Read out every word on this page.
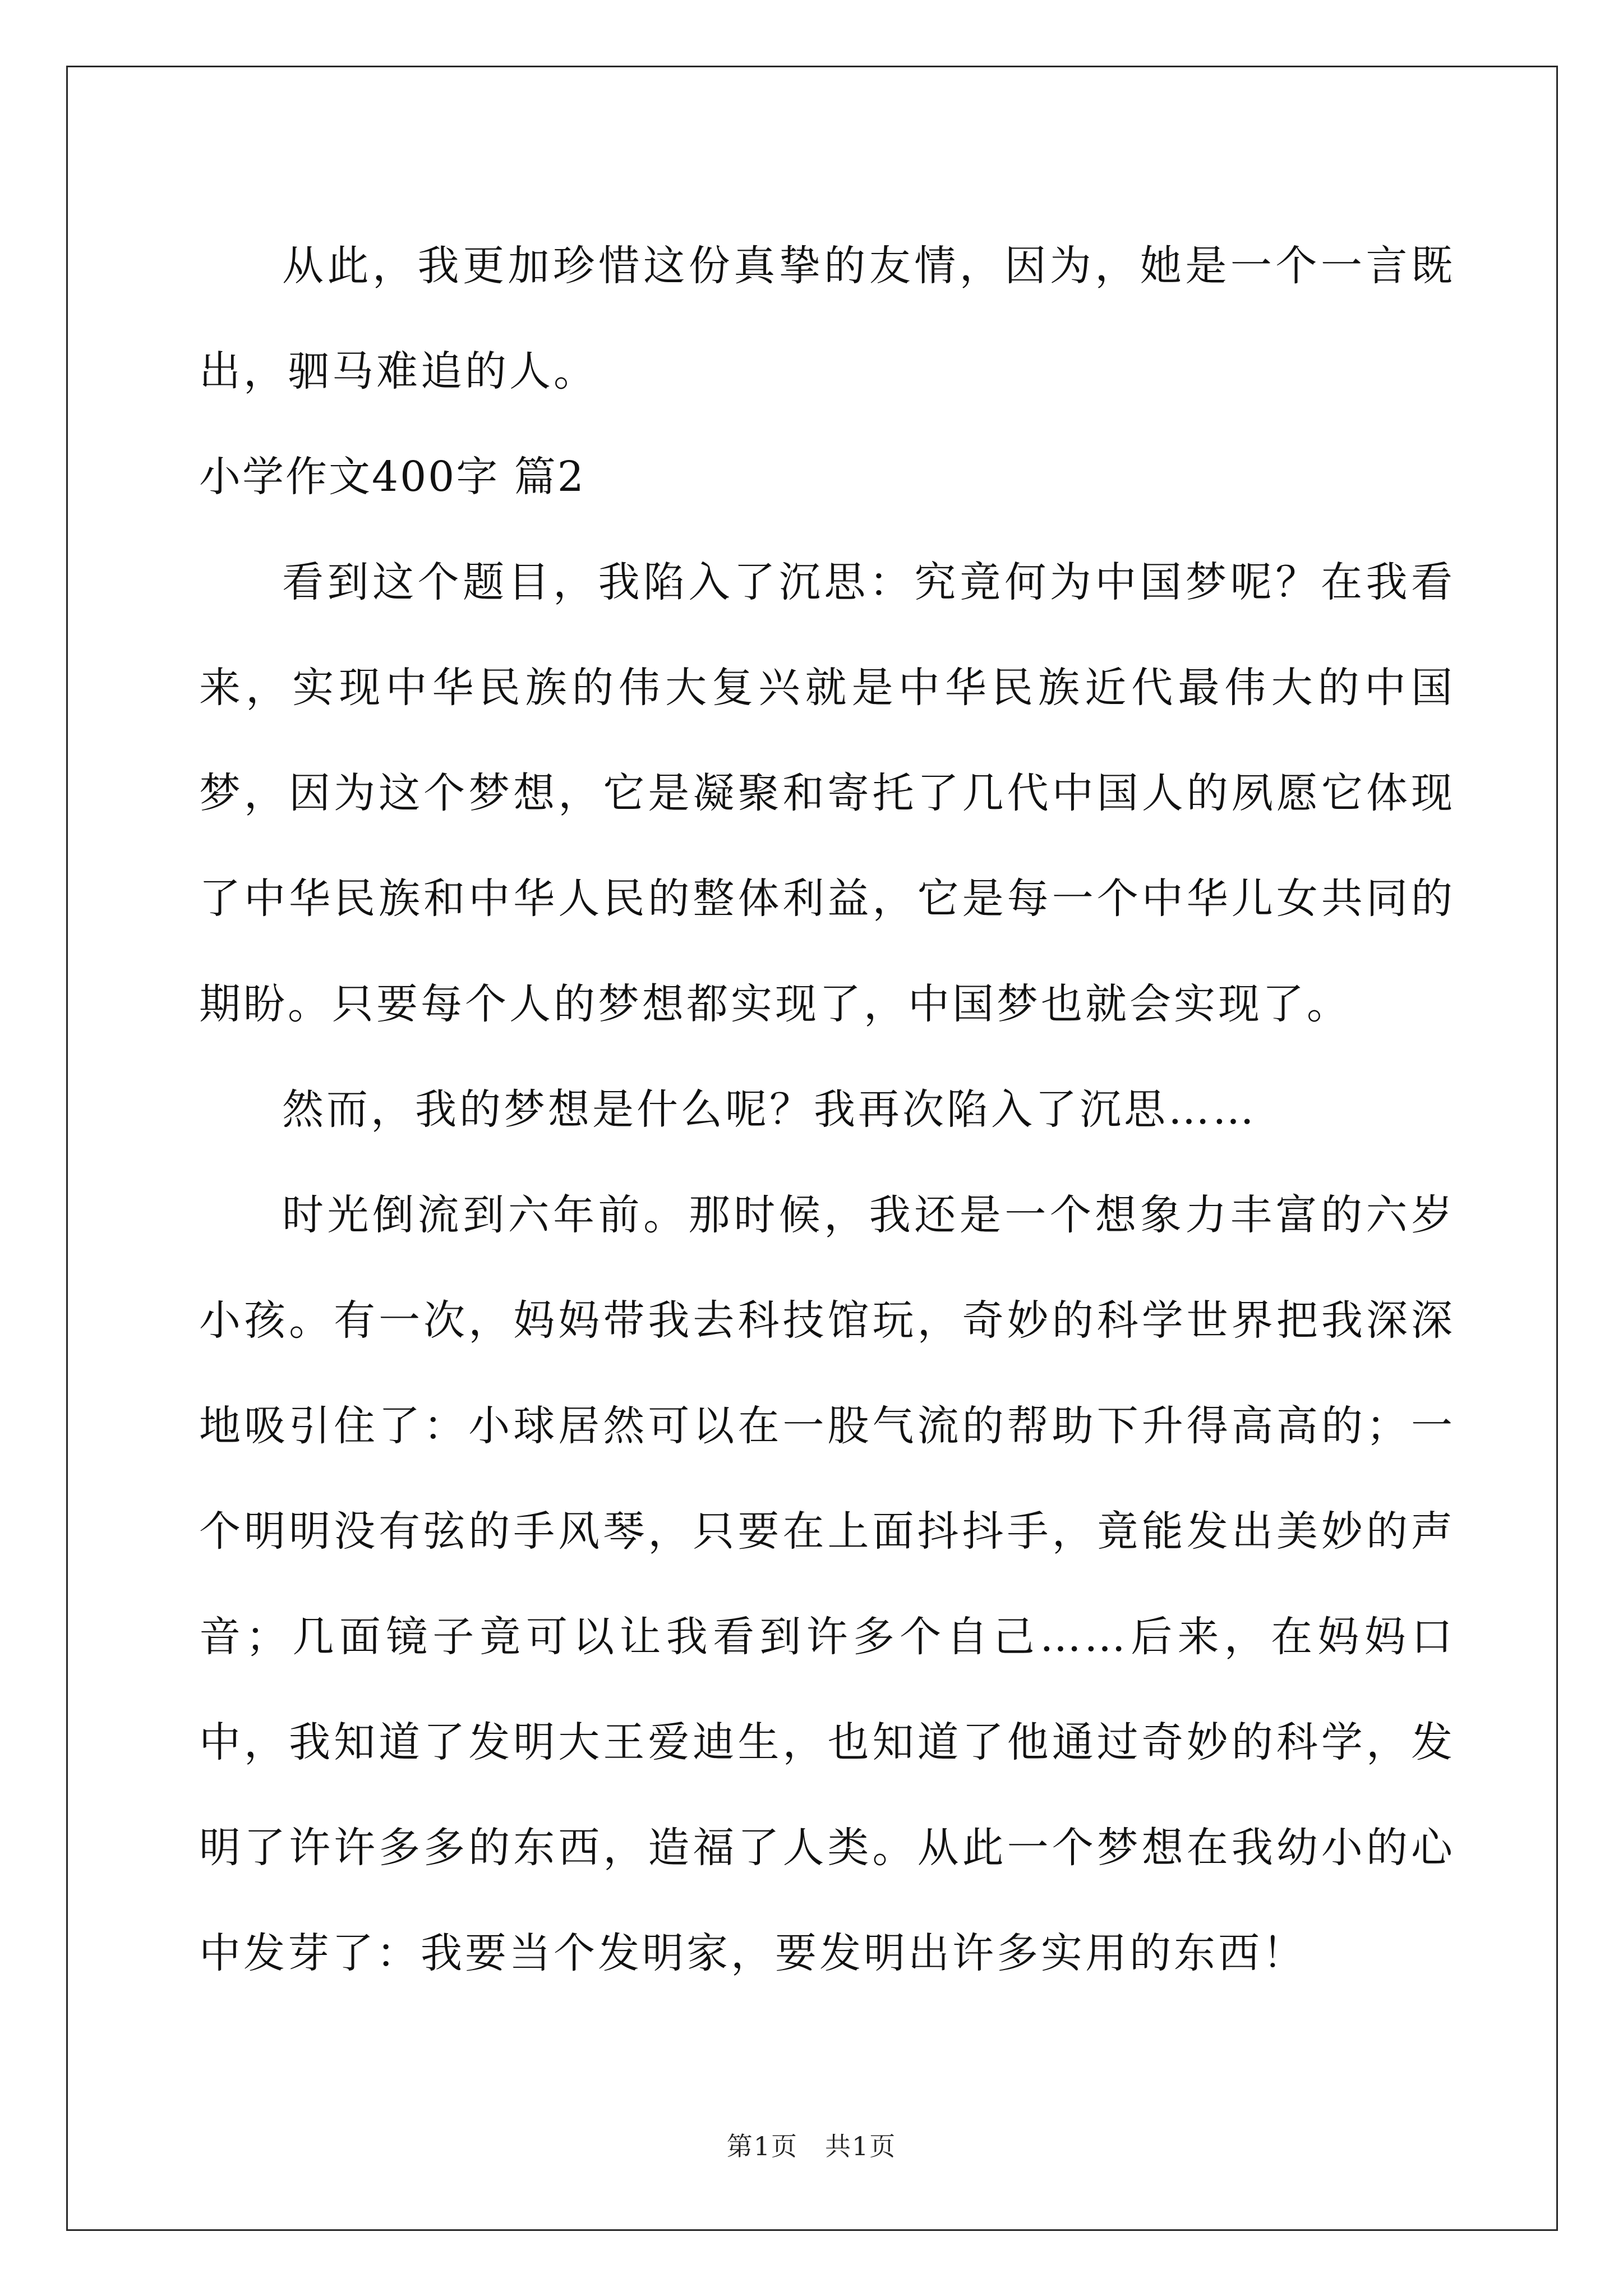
从此，我更加珍惜这份真挚的友情，因为，她是一个一言既出，驷马难追的人。

小学作文400字 篇2

看到这个题目，我陷入了沉思：究竟何为中国梦呢？在我看来，实现中华民族的伟大复兴就是中华民族近代最伟大的中国梦，因为这个梦想，它是凝聚和寄托了几代中国人的夙愿它体现了中华民族和中华人民的整体利益，它是每一个中华儿女共同的期盼。只要每个人的梦想都实现了，中国梦也就会实现了。

然而，我的梦想是什么呢？我再次陷入了沉思……

时光倒流到六年前。那时候，我还是一个想象力丰富的六岁小孩。有一次，妈妈带我去科技馆玩，奇妙的科学世界把我深深地吸引住了：小球居然可以在一股气流的帮助下升得高高的；一个明明没有弦的手风琴，只要在上面抖抖手，竟能发出美妙的声音；几面镜子竟可以让我看到许多个自己……后来，在妈妈口中，我知道了发明大王爱迪生，也知道了他通过奇妙的科学，发明了许许多多的东西，造福了人类。从此一个梦想在我幼小的心中发芽了：我要当个发明家，要发明出许多实用的东西！

第1页　共1页
